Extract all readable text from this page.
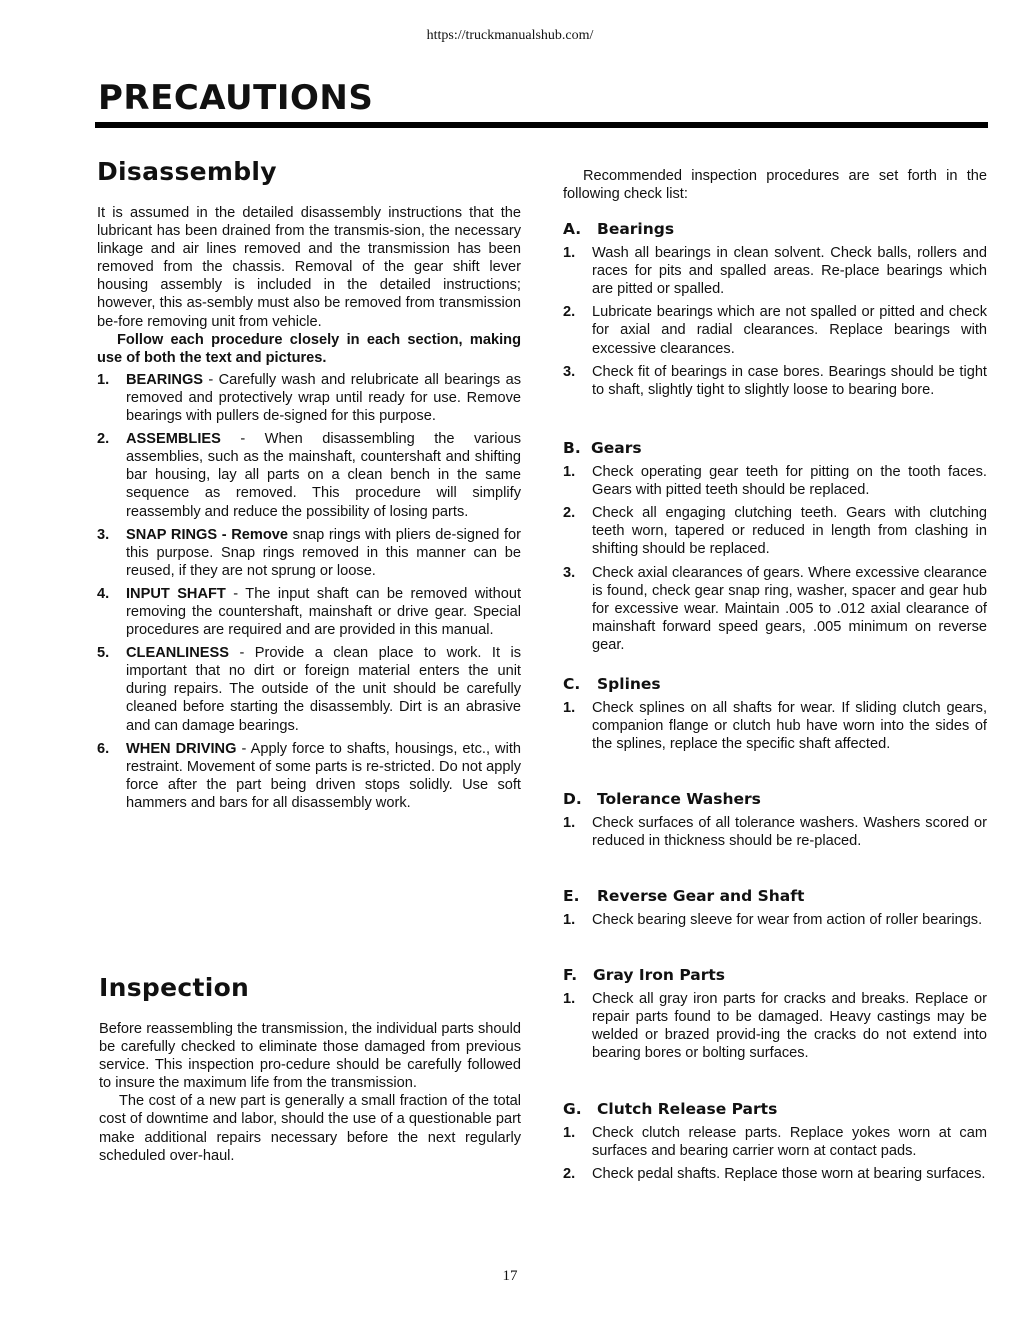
https://truckmanualshub.com/
PRECAUTIONS
Disassembly

It is assumed in the detailed disassembly instructions that the lubricant has been drained from the transmis-sion, the necessary linkage and air lines removed and the transmission has been removed from the chassis. Removal of the gear shift lever housing assembly is included in the detailed instructions; however, this as-sembly must also be removed from transmission be-fore removing unit from vehicle.

Follow each procedure closely in each section, making use of both the text and pictures.

1. BEARINGS - Carefully wash and relubricate all bearings as removed and protectively wrap until ready for use. Remove bearings with pullers de-signed for this purpose.
2. ASSEMBLIES - When disassembling the various assemblies, such as the mainshaft, countershaft and shifting bar housing, lay all parts on a clean bench in the same sequence as removed. This procedure will simplify reassembly and reduce the possibility of losing parts.
3. SNAP RINGS - Remove snap rings with pliers de-signed for this purpose. Snap rings removed in this manner can be reused, if they are not sprung or loose.
4. INPUT SHAFT - The input shaft can be removed without removing the countershaft, mainshaft or drive gear. Special procedures are required and are provided in this manual.
5. CLEANLINESS - Provide a clean place to work. It is important that no dirt or foreign material enters the unit during repairs. The outside of the unit should be carefully cleaned before starting the disassembly. Dirt is an abrasive and can damage bearings.
6. WHEN DRIVING - Apply force to shafts, housings, etc., with restraint. Movement of some parts is re-stricted. Do not apply force after the part being driven stops solidly. Use soft hammers and bars for all disassembly work.
Inspection

Before reassembling the transmission, the individual parts should be carefully checked to eliminate those damaged from previous service. This inspection pro-cedure should be carefully followed to insure the maximum life from the transmission.

The cost of a new part is generally a small fraction of the total cost of downtime and labor, should the use of a questionable part make additional repairs necessary before the next regularly scheduled over-haul.

Recommended inspection procedures are set forth in the following check list:

A.	Bearings
1. Wash all bearings in clean solvent. Check balls, rollers and races for pits and spalled areas. Re-place bearings which are pitted or spalled.
2. Lubricate bearings which are not spalled or pitted and check for axial and radial clearances. Replace bearings with excessive clearances.
3. Check fit of bearings in case bores. Bearings should be tight to shaft, slightly tight to slightly loose to bearing bore.
B. Gears
1. Check operating gear teeth for pitting on the tooth faces. Gears with pitted teeth should be replaced.
2. Check all engaging clutching teeth. Gears with clutching teeth worn, tapered or reduced in length from clashing in shifting should be replaced.
3. Check axial clearances of gears. Where excessive clearance is found, check gear snap ring, washer, spacer and gear hub for excessive wear. Maintain .005 to .012 axial clearance of mainshaft forward speed gears, .005 minimum on reverse gear.
C.	Splines
1. Check splines on all shafts for wear. If sliding clutch gears, companion flange or clutch hub have worn into the sides of the splines, replace the specific shaft affected.
D. Tolerance Washers
1. Check surfaces of all tolerance washers. Washers scored or reduced in thickness should be re-placed.
E.	Reverse Gear and Shaft
1. Check bearing sleeve for wear from action of roller bearings.
F.	Gray Iron Parts
1. Check all gray iron parts for cracks and breaks. Replace or repair parts found to be damaged. Heavy castings may be welded or brazed provid-ing the cracks do not extend into bearing bores or bolting surfaces.
G. Clutch Release Parts
1. Check clutch release parts. Replace yokes worn at cam surfaces and bearing carrier worn at contact pads.
2. Check pedal shafts. Replace those worn at bearing surfaces.
17
